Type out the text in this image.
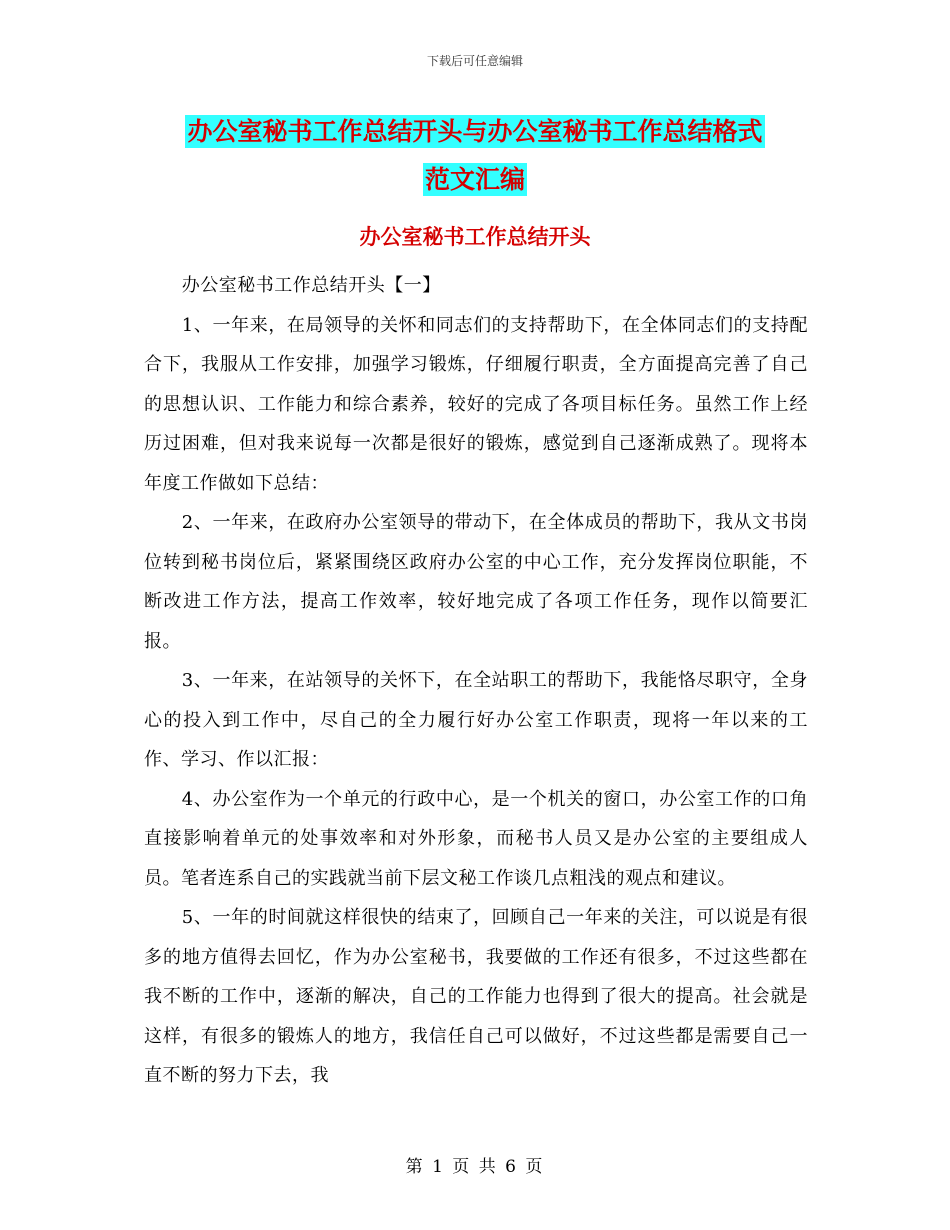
下载后可任意编辑
办公室秘书工作总结开头与办公室秘书工作总结格式
范文汇编
办公室秘书工作总结开头

办公室秘书工作总结开头【一】

1、一年来，在局领导的关怀和同志们的支持帮助下，在全体同志们的支持配合下，我服从工作安排，加强学习锻炼，仔细履行职责，全方面提高完善了自己的思想认识、工作能力和综合素养，较好的完成了各项目标任务。虽然工作上经历过困难，但对我来说每一次都是很好的锻炼，感觉到自己逐渐成熟了。现将本年度工作做如下总结：

2、一年来，在政府办公室领导的带动下，在全体成员的帮助下，我从文书岗位转到秘书岗位后，紧紧围绕区政府办公室的中心工作，充分发挥岗位职能，不断改进工作方法，提高工作效率，较好地完成了各项工作任务，现作以简要汇报。

3、一年来，在站领导的关怀下，在全站职工的帮助下，我能恪尽职守，全身心的投入到工作中，尽自己的全力履行好办公室工作职责，现将一年以来的工作、学习、作以汇报：

4、办公室作为一个单元的行政中心，是一个机关的窗口，办公室工作的口角直接影响着单元的处事效率和对外形象，而秘书人员又是办公室的主要组成人员。笔者连系自己的实践就当前下层文秘工作谈几点粗浅的观点和建议。

5、一年的时间就这样很快的结束了，回顾自己一年来的关注，可以说是有很多的地方值得去回忆，作为办公室秘书，我要做的工作还有很多，不过这些都在我不断的工作中，逐渐的解决，自己的工作能力也得到了很大的提高。社会就是这样，有很多的锻炼人的地方，我信任自己可以做好，不过这些都是需要自己一直不断的努力下去，我

第 1 页 共 6 页
